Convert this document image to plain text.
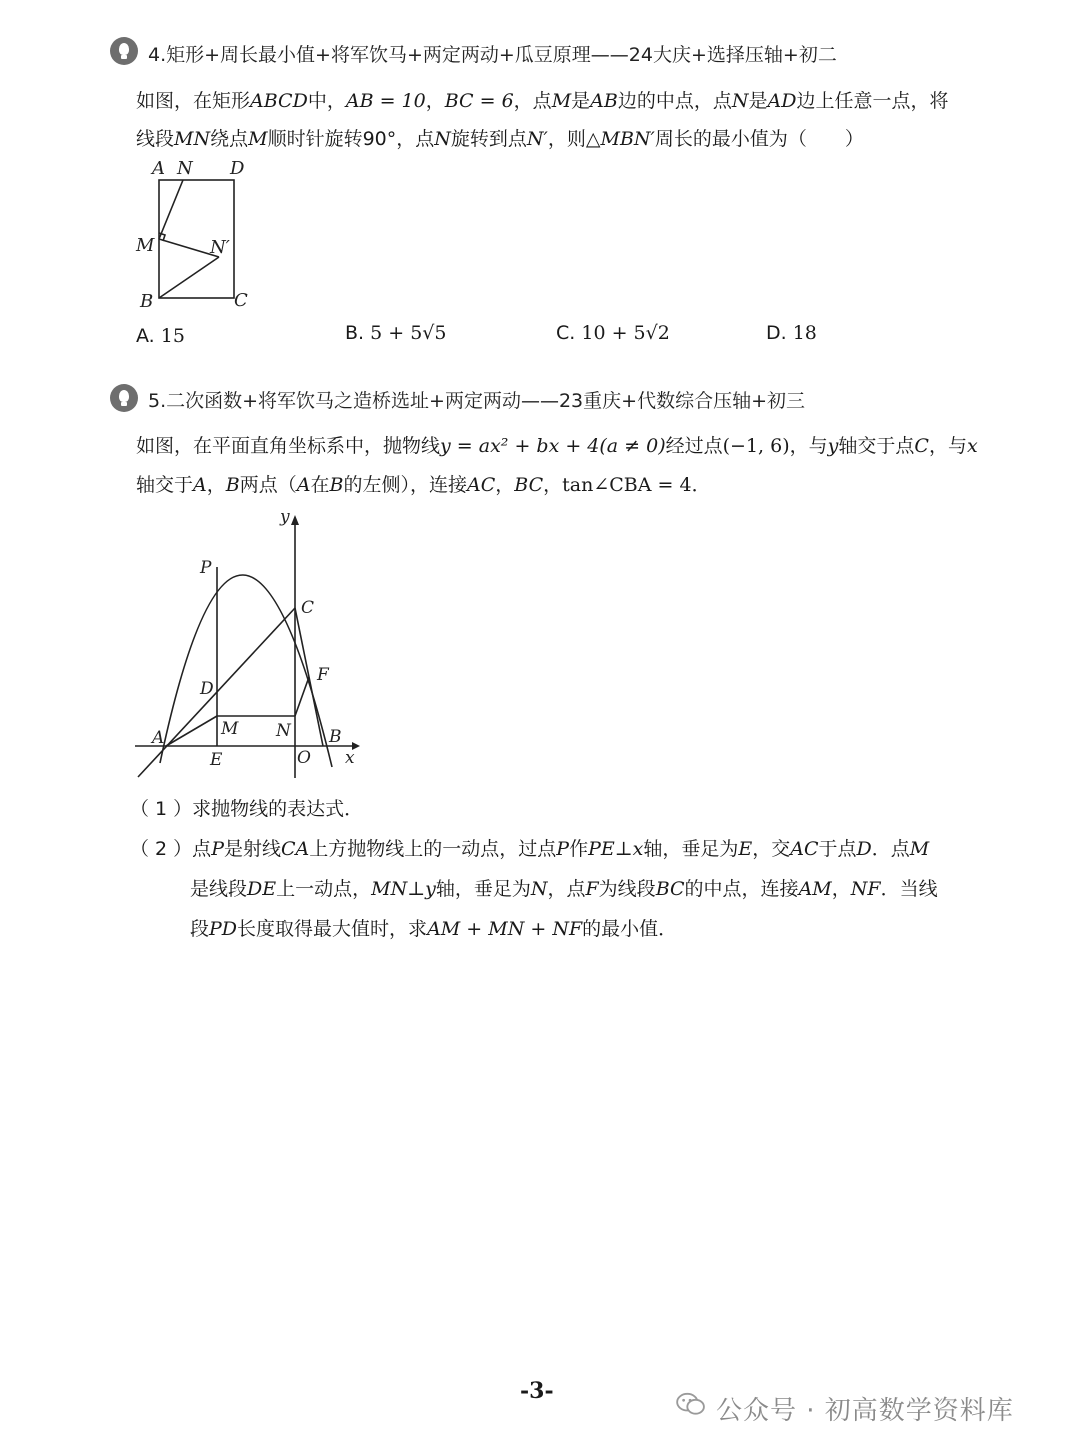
4.矩形+周长最小值+将军饮马+两定两动+瓜豆原理——24大庆+选择压轴+初二
如图，在矩形ABCD中，AB = 10，BC = 6，点M是AB边的中点，点N是AD边上任意一点，将
线段MN绕点M顺时针旋转90°，点N旋转到点N′，则△MBN′周长的最小值为（　　）
A N D
M	N′
B	C
A. 15	B. 5 + 5√5	C. 10 + 5√2	D. 18
5.二次函数+将军饮马之造桥选址+两定两动——23重庆+代数综合压轴+初三
如图，在平面直角坐标系中，抛物线y = ax² + bx + 4(a ≠ 0)经过点(−1, 6)，与y轴交于点C，与x
轴交于A，B两点（A在B的左侧），连接AC，BC，tan∠CBA = 4．
y
P
C
F
D
M N
A	B
E	O x
（ 1 ）求抛物线的表达式．
（ 2 ）点P是射线CA上方抛物线上的一动点，过点P作PE⊥x轴，垂足为E，交AC于点D．点M
是线段DE上一动点，MN⊥y轴，垂足为N，点F为线段BC的中点，连接AM，NF．当线
段PD长度取得最大值时，求AM + MN + NF的最小值．
-3-
公众号 · 初高数学资料库
